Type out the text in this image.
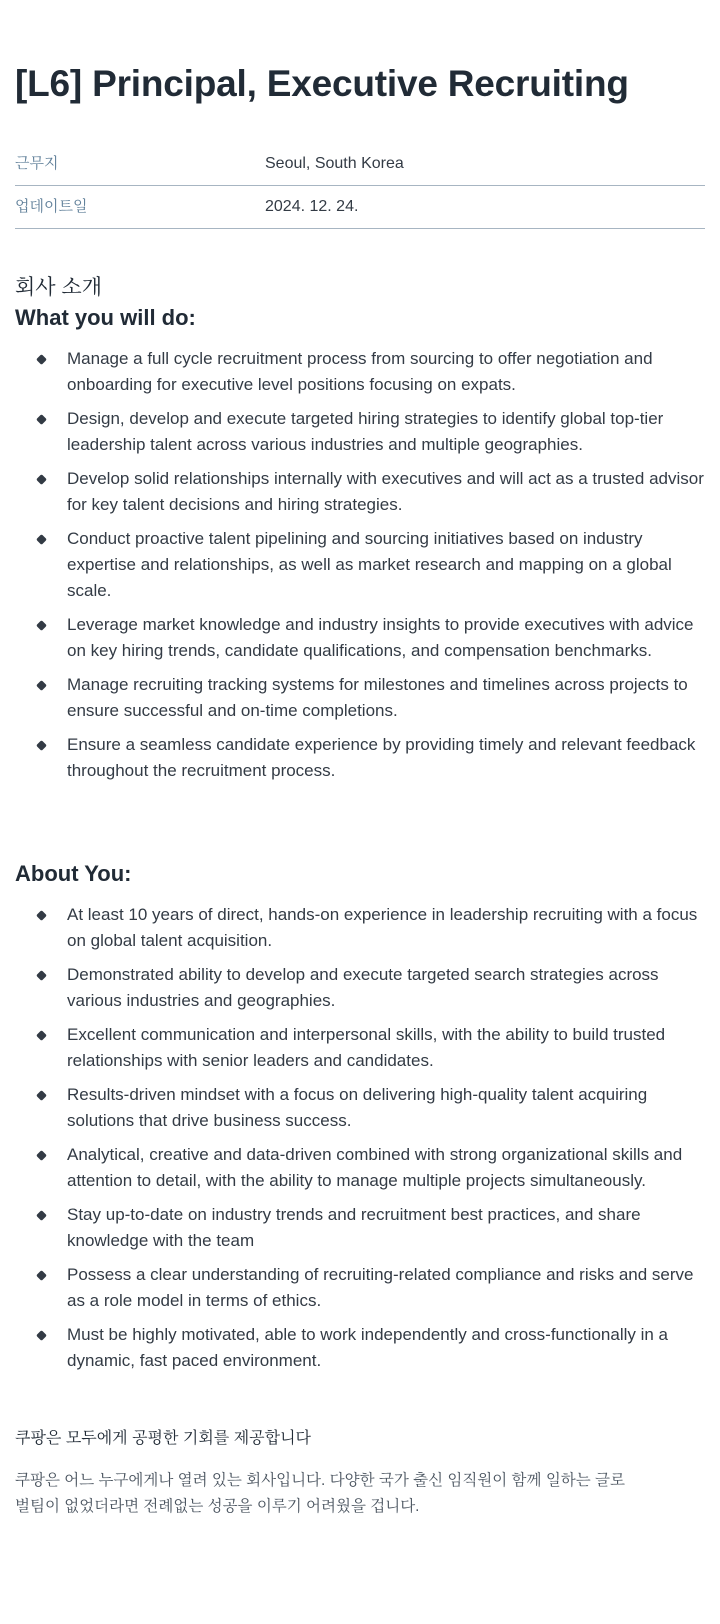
[L6] Principal, Executive Recruiting
근무지	Seoul, South Korea
업데이트일	2024. 12. 24.
회사 소개
What you will do:
Manage a full cycle recruitment process from sourcing to offer negotiation and onboarding for executive level positions focusing on expats.
Design, develop and execute targeted hiring strategies to identify global top-tier leadership talent across various industries and multiple geographies.
Develop solid relationships internally with executives and will act as a trusted advisor for key talent decisions and hiring strategies.
Conduct proactive talent pipelining and sourcing initiatives based on industry expertise and relationships, as well as market research and mapping on a global scale.
Leverage market knowledge and industry insights to provide executives with advice on key hiring trends, candidate qualifications, and compensation benchmarks.
Manage recruiting tracking systems for milestones and timelines across projects to ensure successful and on-time completions.
Ensure a seamless candidate experience by providing timely and relevant feedback throughout the recruitment process.
About You:
At least 10 years of direct, hands-on experience in leadership recruiting with a focus on global talent acquisition.
Demonstrated ability to develop and execute targeted search strategies across various industries and geographies.
Excellent communication and interpersonal skills, with the ability to build trusted relationships with senior leaders and candidates.
Results-driven mindset with a focus on delivering high-quality talent acquiring solutions that drive business success.
Analytical, creative and data-driven combined with strong organizational skills and attention to detail, with the ability to manage multiple projects simultaneously.
Stay up-to-date on industry trends and recruitment best practices, and share knowledge with the team
Possess a clear understanding of recruiting-related compliance and risks and serve as a role model in terms of ethics.
Must be highly motivated, able to work independently and cross-functionally in a dynamic, fast paced environment.
쿠팡은 모두에게 공평한 기회를 제공합니다

쿠팡은 어느 누구에게나 열려 있는 회사입니다. 다양한 국가 출신 임직원이 함께 일하는 글로벌팀이 없었더라면 전례없는 성공을 이루기 어려웠을 겁니다.
